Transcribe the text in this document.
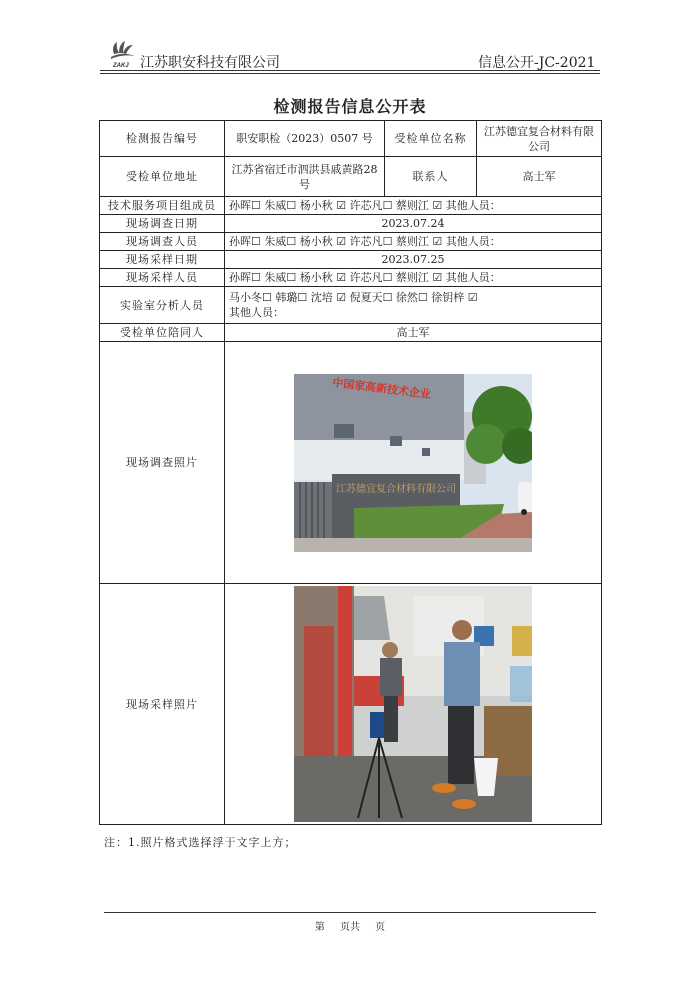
ZAKJ 江苏职安科技有限公司	信息公开-JC-2021
检测报告信息公开表
检测报告编号	职安职检（2023）0507 号	受检单位名称	江苏德宜复合材料有限公司
受检单位地址	江苏省宿迁市泗洪县戚黄路28 号	联系人	高士军
技术服务项目组成员	孙晖☐ 朱威☐ 杨小秋 ☑ 许芯凡☐ 蔡则江 ☑ 其他人员：		
现场调查日期	2023.07.24		
现场调查人员	孙晖☐ 朱威☐ 杨小秋 ☑ 许芯凡☐ 蔡则江 ☑ 其他人员：		
现场采样日期	2023.07.25		
现场采样人员	孙晖☐ 朱威☐ 杨小秋 ☑ 许芯凡☐ 蔡则江 ☑ 其他人员：		
实验室分析人员	马小冬☐ 韩璐☐ 沈培 ☑ 倪夏天☐ 徐然☐ 徐钥梓 ☑
其他人员：		

受检单位陪同人	高士军		
现场调查照片	中国家高新技术企业
江苏德宜复合材料有限公司		

现场采样照片	
注：1.照片格式选择浮于文字上方；
第 页共 页
